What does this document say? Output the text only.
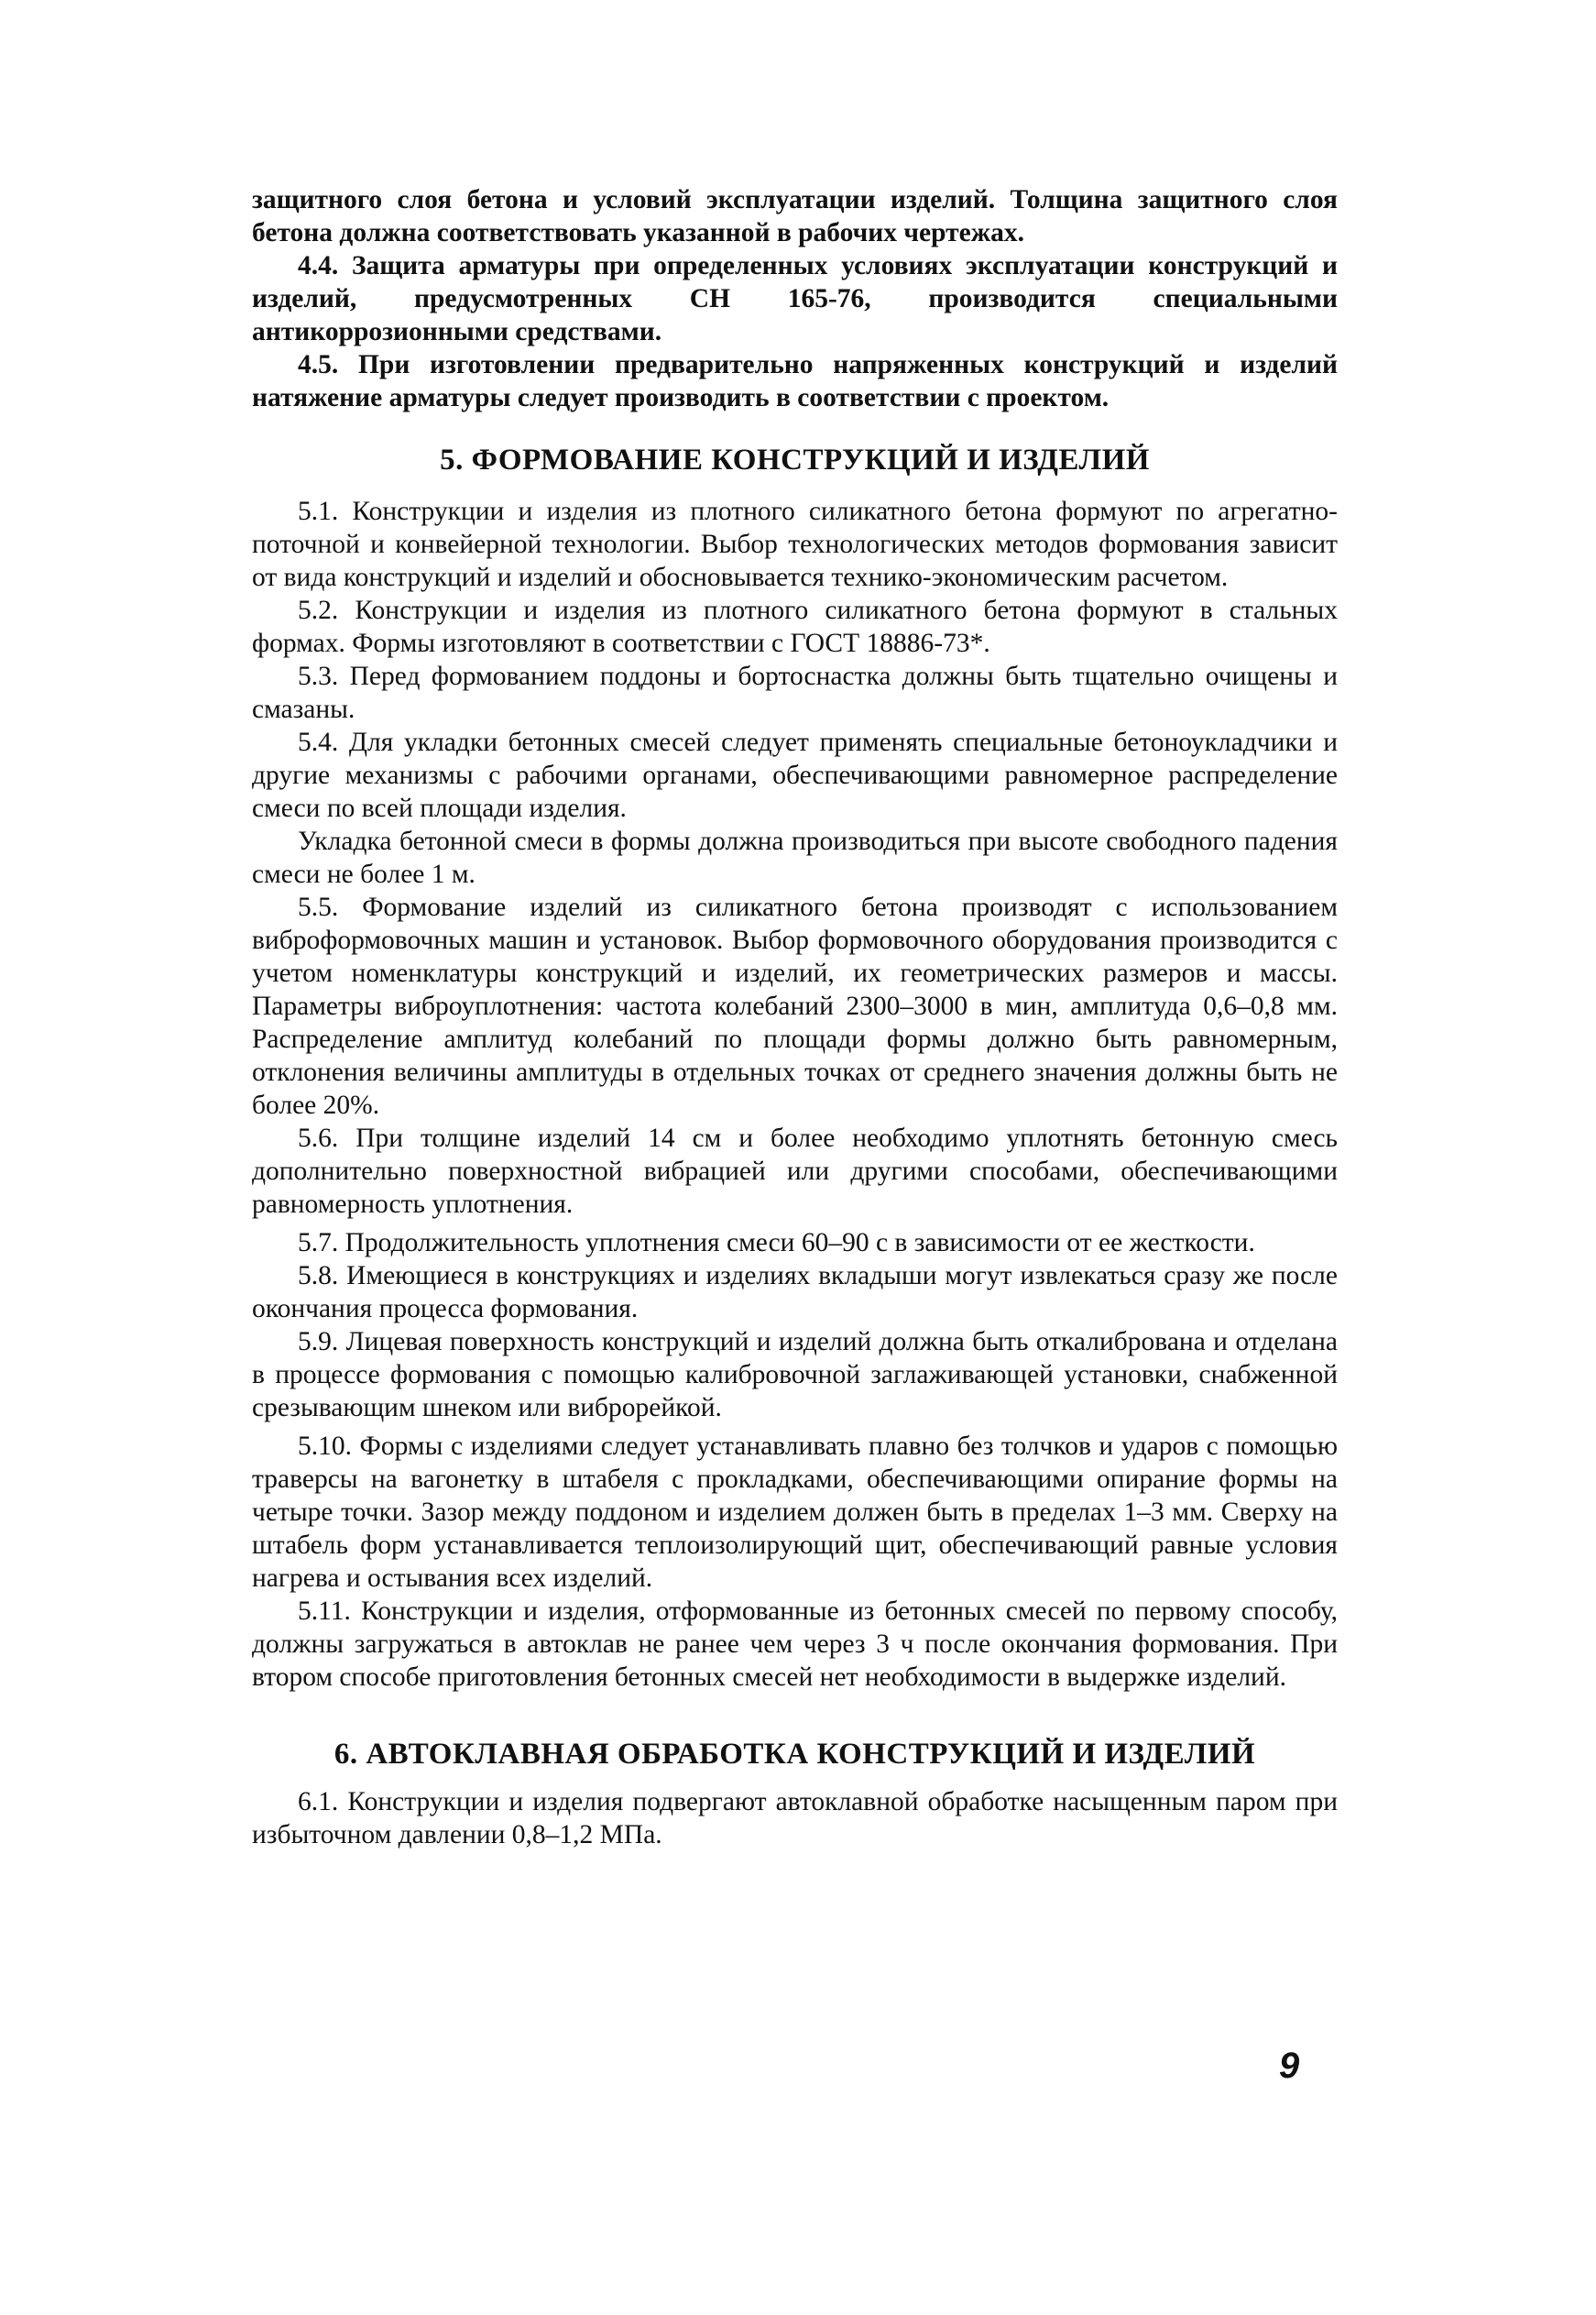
защитного слоя бетона и условий эксплуатации изделий. Толщина защитного слоя бетона должна соответствовать указанной в рабочих чертежах.

4.4. Защита арматуры при определенных условиях эксплуатации конструкций и изделий, предусмотренных СН 165-76, производится специальными антикоррозионными средствами.

4.5. При изготовлении предварительно напряженных конструкций и изделий натяжение арматуры следует производить в соответствии с проектом.

5. ФОРМОВАНИЕ КОНСТРУКЦИЙ И ИЗДЕЛИЙ

5.1. Конструкции и изделия из плотного силикатного бетона формуют по агрегатно-поточной и конвейерной технологии. Выбор технологических методов формования зависит от вида конструкций и изделий и обосновывается технико-экономическим расчетом.

5.2. Конструкции и изделия из плотного силикатного бетона формуют в стальных формах. Формы изготовляют в соответствии с ГОСТ 18886-73*.

5.3. Перед формованием поддоны и бортоснастка должны быть тщательно очищены и смазаны.

5.4. Для укладки бетонных смесей следует применять специальные бетоноукладчики и другие механизмы с рабочими органами, обеспечивающими равномерное распределение смеси по всей площади изделия.

Укладка бетонной смеси в формы должна производиться при высоте свободного падения смеси не более 1 м.

5.5. Формование изделий из силикатного бетона производят с использованием виброформовочных машин и установок. Выбор формовочного оборудования производится с учетом номенклатуры конструкций и изделий, их геометрических размеров и массы. Параметры виброуплотнения: частота колебаний 2300–3000 в мин, амплитуда 0,6–0,8 мм. Распределение амплитуд колебаний по площади формы должно быть равномерным, отклонения величины амплитуды в отдельных точках от среднего значения должны быть не более 20%.

5.6. При толщине изделий 14 см и более необходимо уплотнять бетонную смесь дополнительно поверхностной вибрацией или другими способами, обеспечивающими равномерность уплотнения.

5.7. Продолжительность уплотнения смеси 60–90 с в зависимости от ее жесткости.

5.8. Имеющиеся в конструкциях и изделиях вкладыши могут извлекаться сразу же после окончания процесса формования.

5.9. Лицевая поверхность конструкций и изделий должна быть откалибрована и отделана в процессе формования с помощью калибровочной заглаживающей установки, снабженной срезывающим шнеком или виброрейкой.

5.10. Формы с изделиями следует устанавливать плавно без толчков и ударов с помощью траверсы на вагонетку в штабеля с прокладками, обеспечивающими опирание формы на четыре точки. Зазор между поддоном и изделием должен быть в пределах 1–3 мм. Сверху на штабель форм устанавливается теплоизолирующий щит, обеспечивающий равные условия нагрева и остывания всех изделий.

5.11. Конструкции и изделия, отформованные из бетонных смесей по первому способу, должны загружаться в автоклав не ранее чем через 3 ч после окончания формования. При втором способе приготовления бетонных смесей нет необходимости в выдержке изделий.

6. АВТОКЛАВНАЯ ОБРАБОТКА КОНСТРУКЦИЙ И ИЗДЕЛИЙ

6.1. Конструкции и изделия подвергают автоклавной обработке насыщенным паром при избыточном давлении 0,8–1,2 МПа.

9
